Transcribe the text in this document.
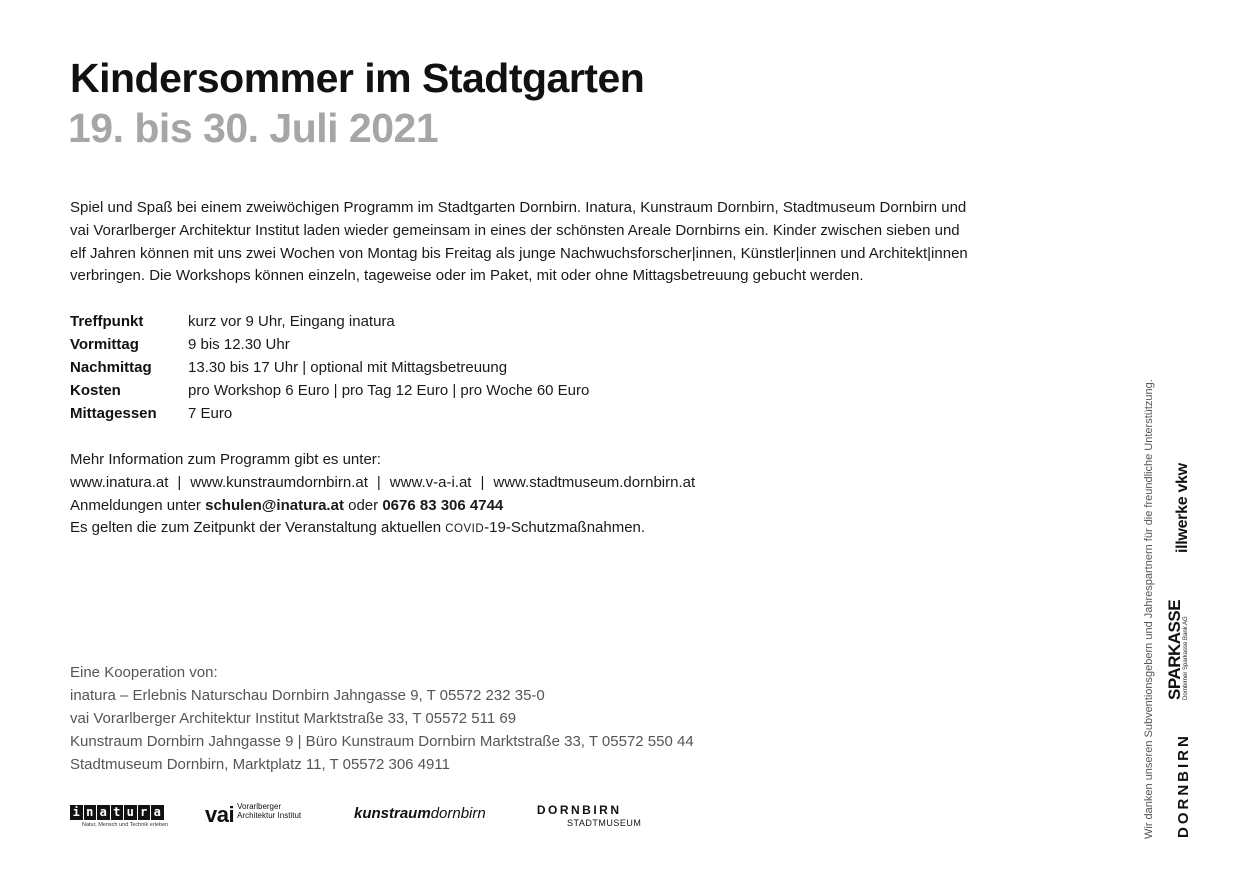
Kindersommer im Stadtgarten
19. bis 30. Juli 2021

Spiel und Spaß bei einem zweiwöchigen Programm im Stadtgarten Dornbirn. Inatura, Kunstraum Dornbirn, Stadtmuseum Dornbirn und

vai Vorarlberger Architektur Institut laden wieder gemeinsam in eines der schönsten Areale Dornbirns ein. Kinder zwischen sieben und

elf Jahren können mit uns zwei Wochen von Montag bis Freitag als junge Nachwuchsforscher|innen, Künstler|innen und Architekt|innen

verbringen. Die Workshops können einzeln, tageweise oder im Paket, mit oder ohne Mittagsbetreuung gebucht werden.

Treffpunkt	kurz vor 9 Uhr, Eingang inatura
Vormittag	9 bis 12.30 Uhr
Nachmittag	13.30 bis 17 Uhr | optional mit Mittagsbetreuung
Kosten	pro Workshop 6 Euro | pro Tag 12 Euro | pro Woche 60 Euro
Mittagessen	7 Euro

Mehr Information zum Programm gibt es unter:

www.inatura.at | www.kunstraumdornbirn.at | www.v-a-i.at | www.stadtmuseum.dornbirn.at

Anmeldungen unter schulen@inatura.at oder 0676 83 306 4744

Es gelten die zum Zeitpunkt der Veranstaltung aktuellen COVID-19-Schutzmaßnahmen.

Eine Kooperation von:

inatura – Erlebnis Naturschau Dornbirn Jahngasse 9, T 05572 232 35-0

vai Vorarlberger Architektur Institut Marktstraße 33, T 05572 511 69

Kunstraum Dornbirn Jahngasse 9 | Büro Kunstraum Dornbirn Marktstraße 33, T 05572 550 44

Stadtmuseum Dornbirn, Marktplatz 11, T 05572 306 4911

i n a t u r a
Natur, Mensch und Technik erleben vai Vorarlberger
Architektur Institut	kunstraumdornbirn	DORNBIRN
STADTMUSEUM	Wir danken unseren Subventionsgebern und Jahrespartnern für die freundliche Unterstützung. illwerke vkw
SPARKASSE Dornbirner Sparkasse Bank AG
DORNBIRN
